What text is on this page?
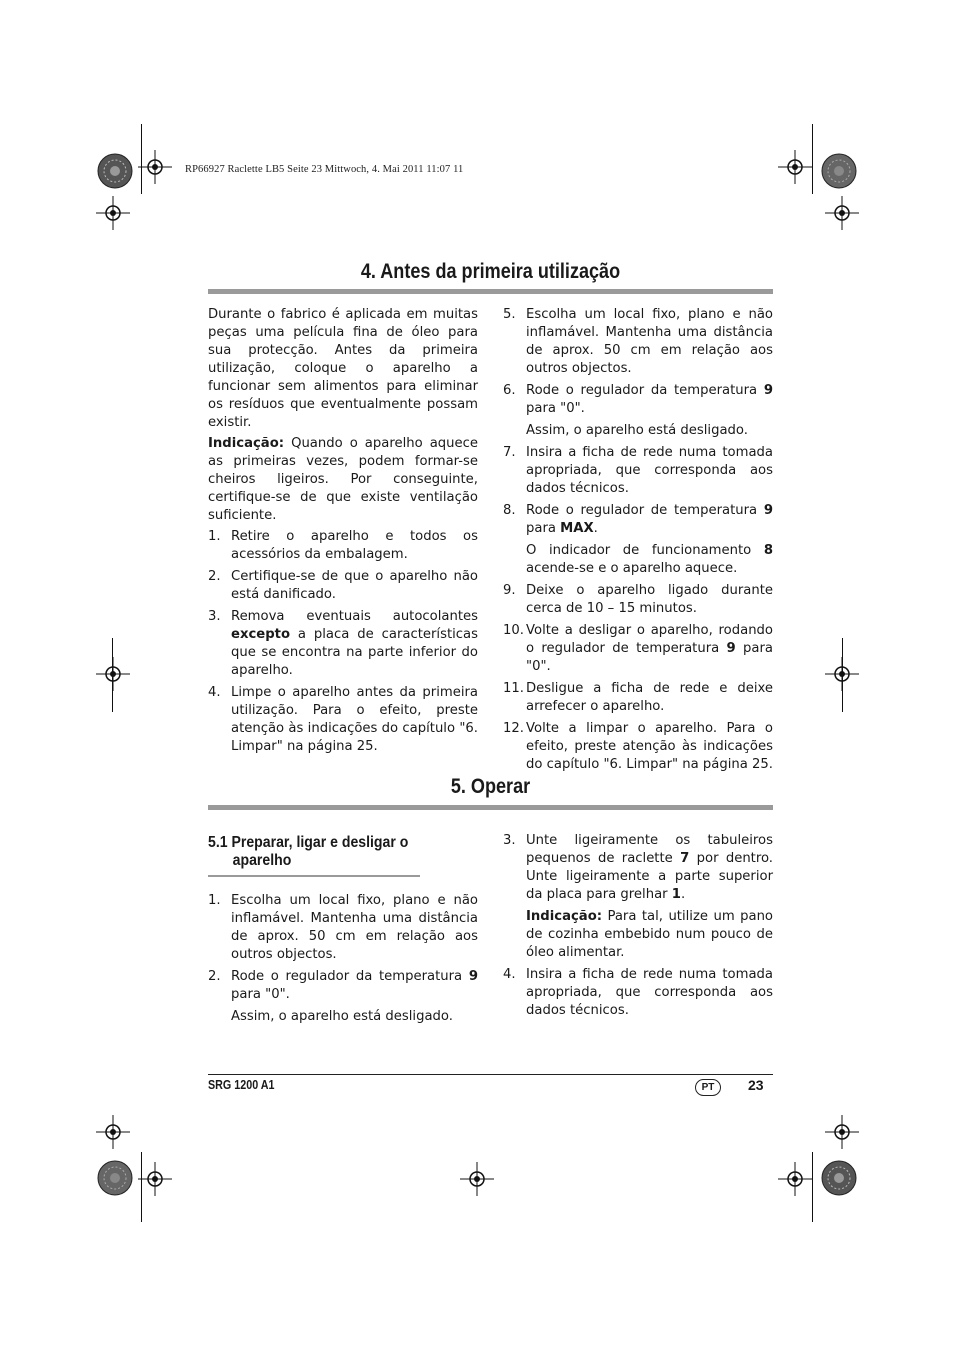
RP66927 Raclette LB5 Seite 23 Mittwoch, 4. Mai 2011 11:07 11
4. Antes da primeira utilização

Durante o fabrico é aplicada em muitas peças uma película fina de óleo para sua protecção. Antes da primeira utilização, coloque o aparelho a funcionar sem alimentos para eliminar os resíduos que eventualmente possam existir.

Indicação: Quando o aparelho aquece as primeiras vezes, podem formar-se cheiros ligeiros. Por conseguinte, certifique-se de que existe ventilação suficiente.

1. Retire o aparelho e todos os acessórios da embalagem.
2. Certifique-se de que o aparelho não está danificado.
3. Remova eventuais autocolantes excepto a placa de características que se encontra na parte inferior do aparelho.
4. Limpe o aparelho antes da primeira utilização. Para o efeito, preste atenção às indicações do capítulo "6. Limpar" na página 25.
5. Escolha um local fixo, plano e não inflamável. Mantenha uma distância de aprox. 50 cm em relação aos outros objectos.
6. Rode o regulador da temperatura 9 para "0".
Assim, o aparelho está desligado.
7. Insira a ficha de rede numa tomada apropriada, que corresponda aos dados técnicos.
8. Rode o regulador de temperatura 9 para MAX.
O indicador de funcionamento 8 acende-se e o aparelho aquece.
9. Deixe o aparelho ligado durante cerca de 10 – 15 minutos.
10. Volte a desligar o aparelho, rodando o regulador de temperatura 9 para "0".
11. Desligue a ficha de rede e deixe arrefecer o aparelho.
12. Volte a limpar o aparelho. Para o efeito, preste atenção às indicações do capítulo "6. Limpar" na página 25.
5. Operar
5.1 Preparar, ligar e desligar o
aparelho
1. Escolha um local fixo, plano e não inflamável. Mantenha uma distância de aprox. 50 cm em relação aos outros objectos.
2. Rode o regulador da temperatura 9 para "0".
Assim, o aparelho está desligado.
3. Unte ligeiramente os tabuleiros pequenos de raclette 7 por dentro. Unte ligeiramente a parte superior da placa para grelhar 1.
Indicação: Para tal, utilize um pano de cozinha embebido num pouco de óleo alimentar.
4. Insira a ficha de rede numa tomada apropriada, que corresponda aos dados técnicos.
SRG 1200 A1	PT	23
